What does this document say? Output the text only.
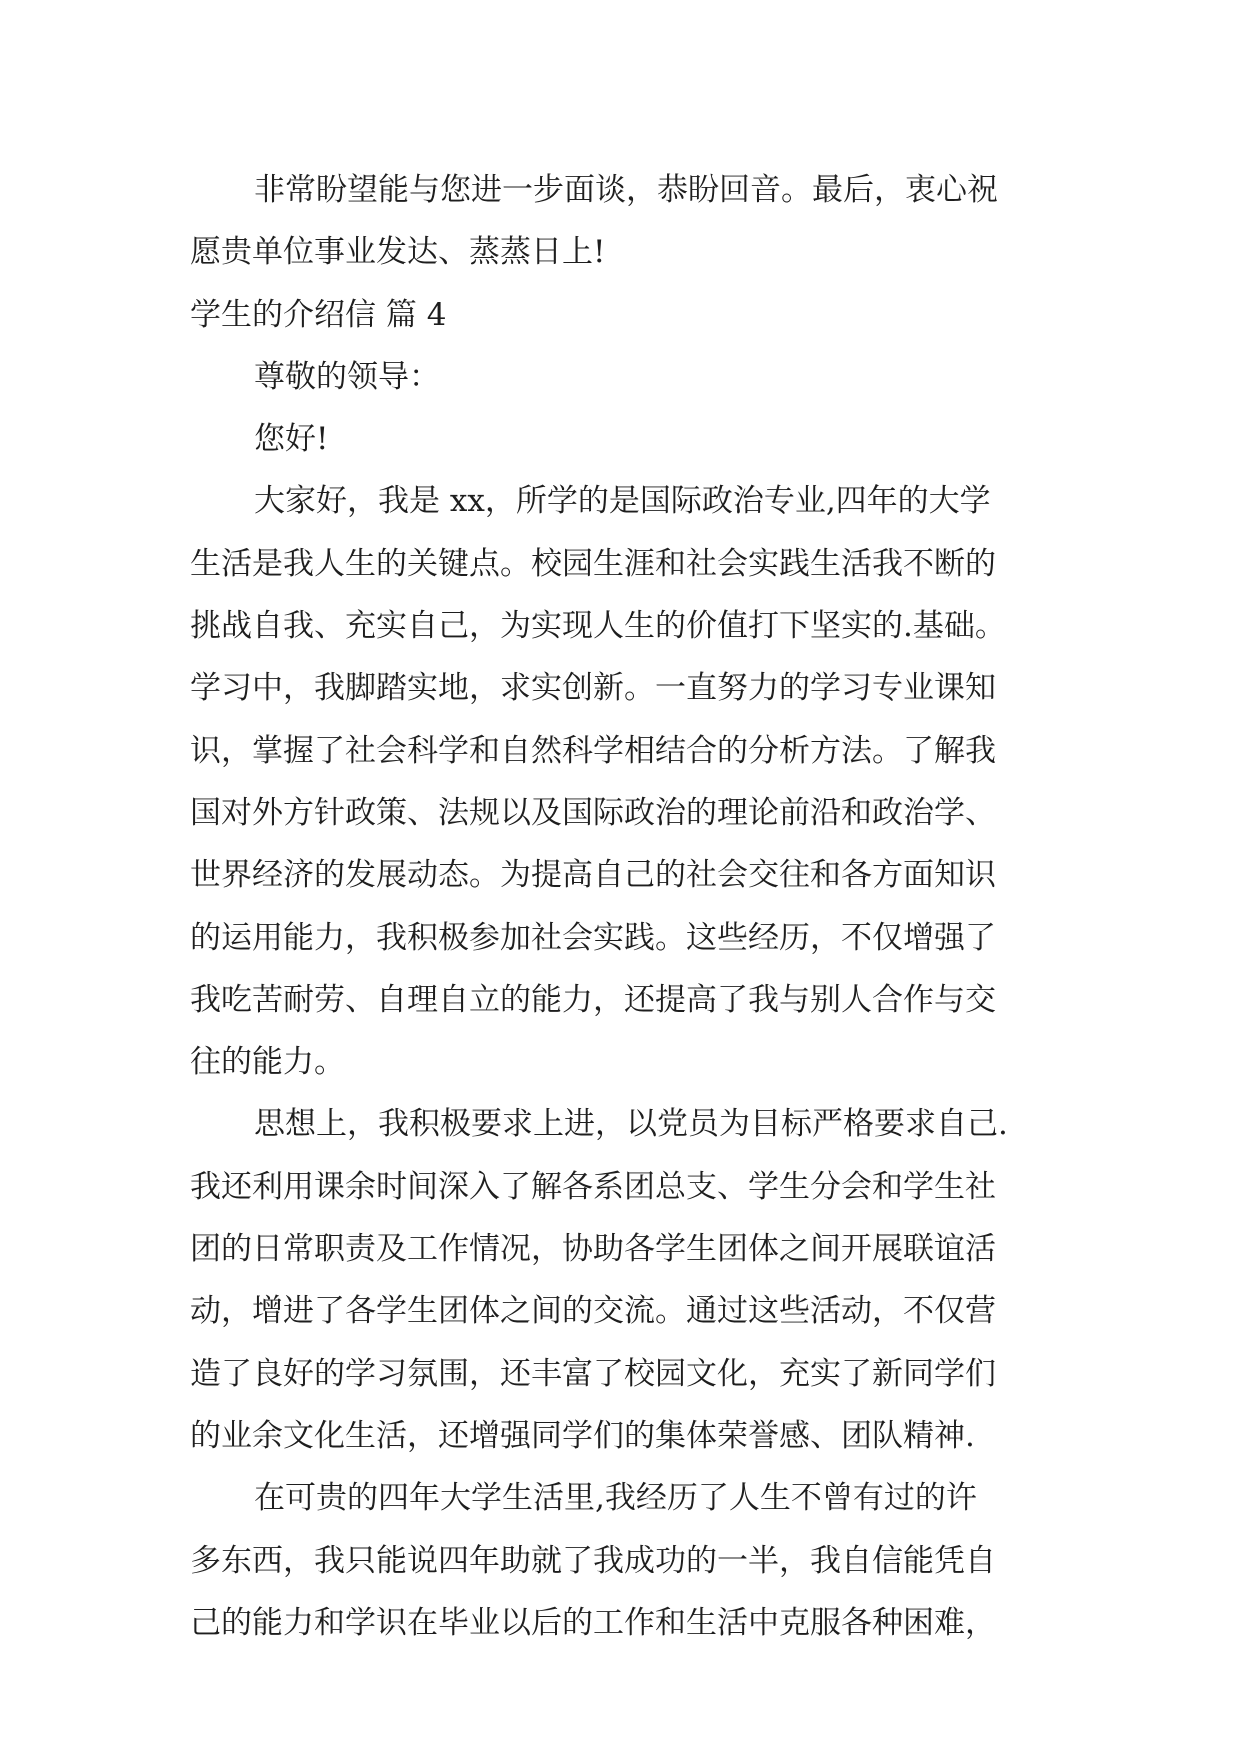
非常盼望能与您进一步面谈，恭盼回音。最后，衷心祝
愿贵单位事业发达、蒸蒸日上!
学生的介绍信 篇 4
尊敬的领导：
您好!
大家好，我是 xx，所学的是国际政治专业,四年的大学
生活是我人生的关键点。校园生涯和社会实践生活我不断的
挑战自我、充实自己，为实现人生的价值打下坚实的.基础。
学习中，我脚踏实地，求实创新。一直努力的学习专业课知
识，掌握了社会科学和自然科学相结合的分析方法。了解我
国对外方针政策、法规以及国际政治的理论前沿和政治学、
世界经济的发展动态。为提高自己的社会交往和各方面知识
的运用能力，我积极参加社会实践。这些经历，不仅增强了
我吃苦耐劳、自理自立的能力，还提高了我与别人合作与交
往的能力。
思想上，我积极要求上进，以党员为目标严格要求自己.
我还利用课余时间深入了解各系团总支、学生分会和学生社
团的日常职责及工作情况，协助各学生团体之间开展联谊活
动，增进了各学生团体之间的交流。通过这些活动，不仅营
造了良好的学习氛围，还丰富了校园文化，充实了新同学们
的业余文化生活，还增强同学们的集体荣誉感、团队精神.
在可贵的四年大学生活里,我经历了人生不曾有过的许
多东西，我只能说四年助就了我成功的一半，我自信能凭自
己的能力和学识在毕业以后的工作和生活中克服各种困难，
